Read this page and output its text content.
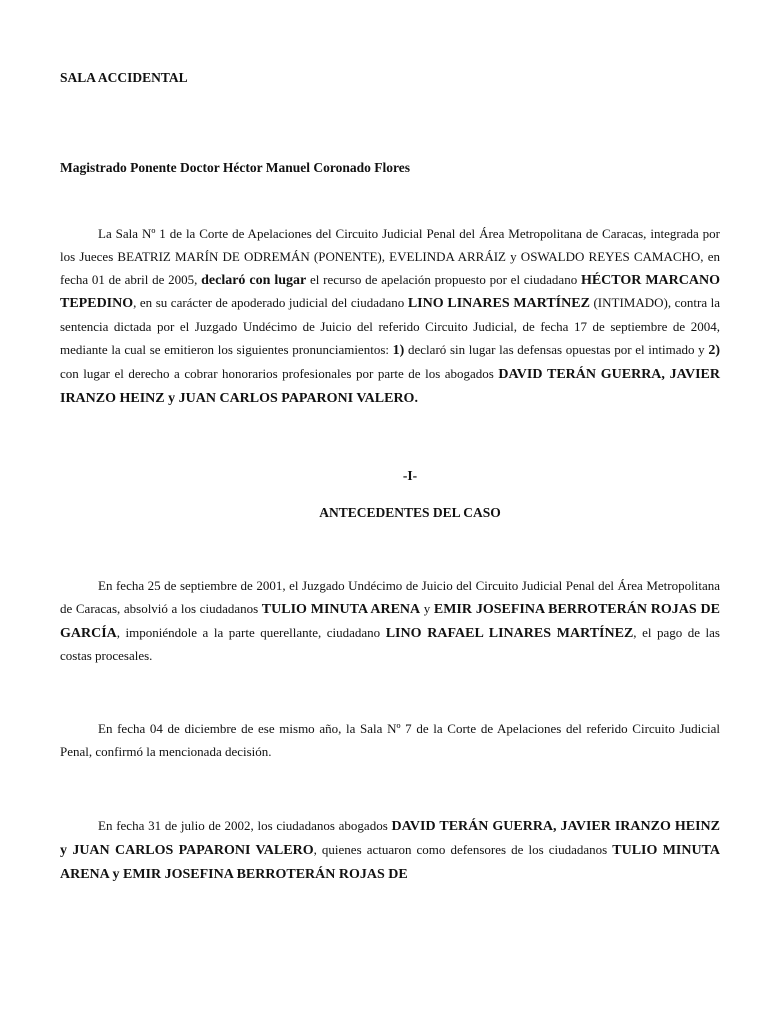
SALA ACCIDENTAL
Magistrado Ponente Doctor Héctor Manuel Coronado Flores

La Sala Nº 1 de la Corte de Apelaciones del Circuito Judicial Penal del Área Metropolitana de Caracas, integrada por los Jueces BEATRIZ MARÍN DE ODREMÁN (PONENTE), EVELINDA ARRÁIZ y OSWALDO REYES CAMACHO, en fecha 01 de abril de 2005, declaró con lugar el recurso de apelación propuesto por el ciudadano HÉCTOR MARCANO TEPEDINO, en su carácter de apoderado judicial del ciudadano LINO LINARES MARTÍNEZ (INTIMADO), contra la sentencia dictada por el Juzgado Undécimo de Juicio del referido Circuito Judicial, de fecha 17 de septiembre de 2004, mediante la cual se emitieron los siguientes pronunciamientos: 1) declaró sin lugar las defensas opuestas por el intimado y 2) con lugar el derecho a cobrar honorarios profesionales por parte de los abogados DAVID TERÁN GUERRA, JAVIER IRANZO HEINZ y JUAN CARLOS PAPARONI VALERO.

-I-
ANTECEDENTES DEL CASO

En fecha 25 de septiembre de 2001, el Juzgado Undécimo de Juicio del Circuito Judicial Penal del Área Metropolitana de Caracas, absolvió a los ciudadanos TULIO MINUTA ARENA y EMIR JOSEFINA BERROTERÁN ROJAS DE GARCÍA, imponiéndole a la parte querellante, ciudadano LINO RAFAEL LINARES MARTÍNEZ, el pago de las costas procesales.

En fecha 04 de diciembre de ese mismo año, la Sala Nº 7 de la Corte de Apelaciones del referido Circuito Judicial Penal, confirmó la mencionada decisión.

En fecha 31 de julio de 2002, los ciudadanos abogados DAVID TERÁN GUERRA, JAVIER IRANZO HEINZ y JUAN CARLOS PAPARONI VALERO, quienes actuaron como defensores de los ciudadanos TULIO MINUTA ARENA y EMIR JOSEFINA BERROTERÁN ROJAS DE
